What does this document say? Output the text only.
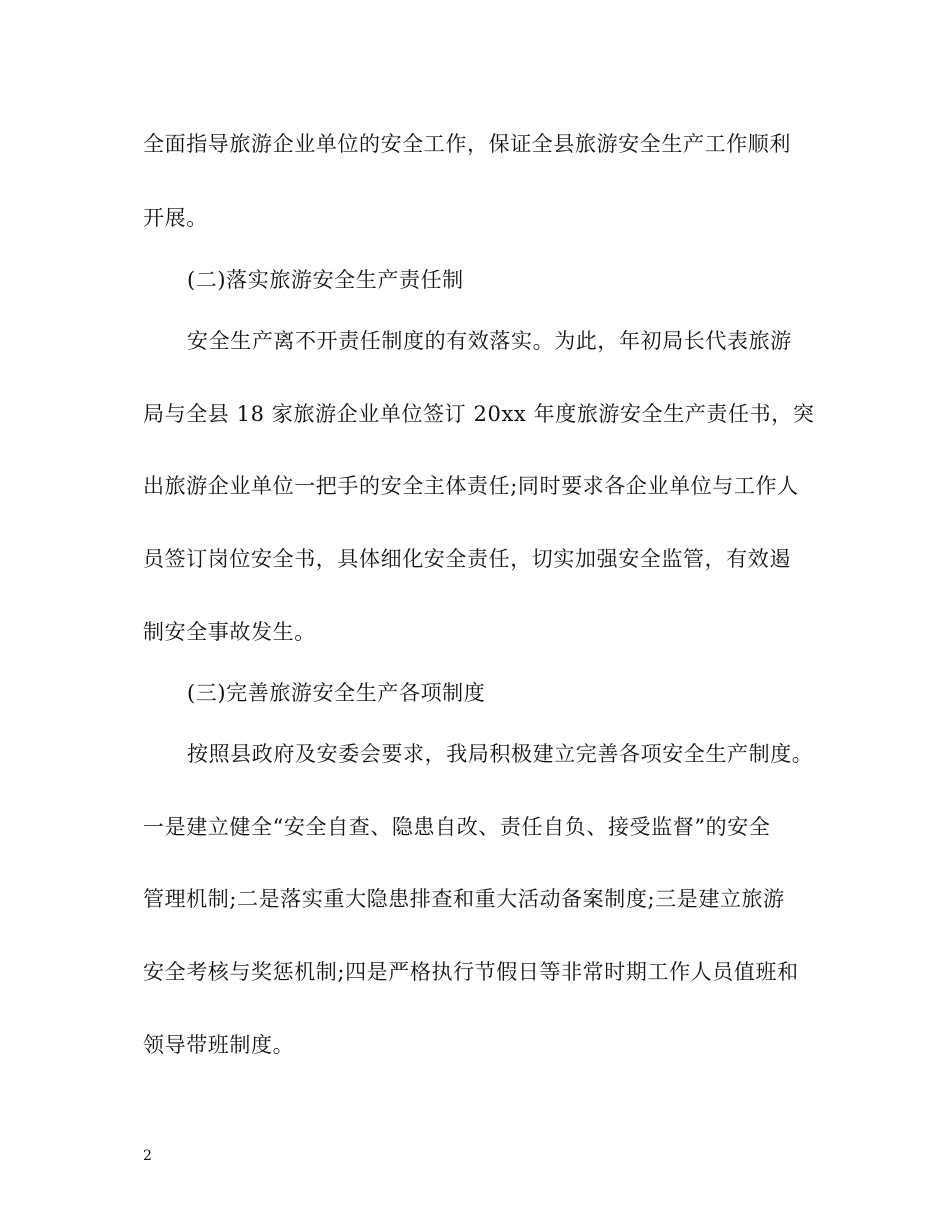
全面指导旅游企业单位的安全工作，保证全县旅游安全生产工作顺利
开展。
(二)落实旅游安全生产责任制
安全生产离不开责任制度的有效落实。为此，年初局长代表旅游
局与全县 18 家旅游企业单位签订 20xx 年度旅游安全生产责任书，突
出旅游企业单位一把手的安全主体责任;同时要求各企业单位与工作人
员签订岗位安全书，具体细化安全责任，切实加强安全监管，有效遏
制安全事故发生。
(三)完善旅游安全生产各项制度
按照县政府及安委会要求，我局积极建立完善各项安全生产制度。
一是建立健全“安全自查、隐患自改、责任自负、接受监督”的安全
管理机制;二是落实重大隐患排查和重大活动备案制度;三是建立旅游
安全考核与奖惩机制;四是严格执行节假日等非常时期工作人员值班和
领导带班制度。
2
